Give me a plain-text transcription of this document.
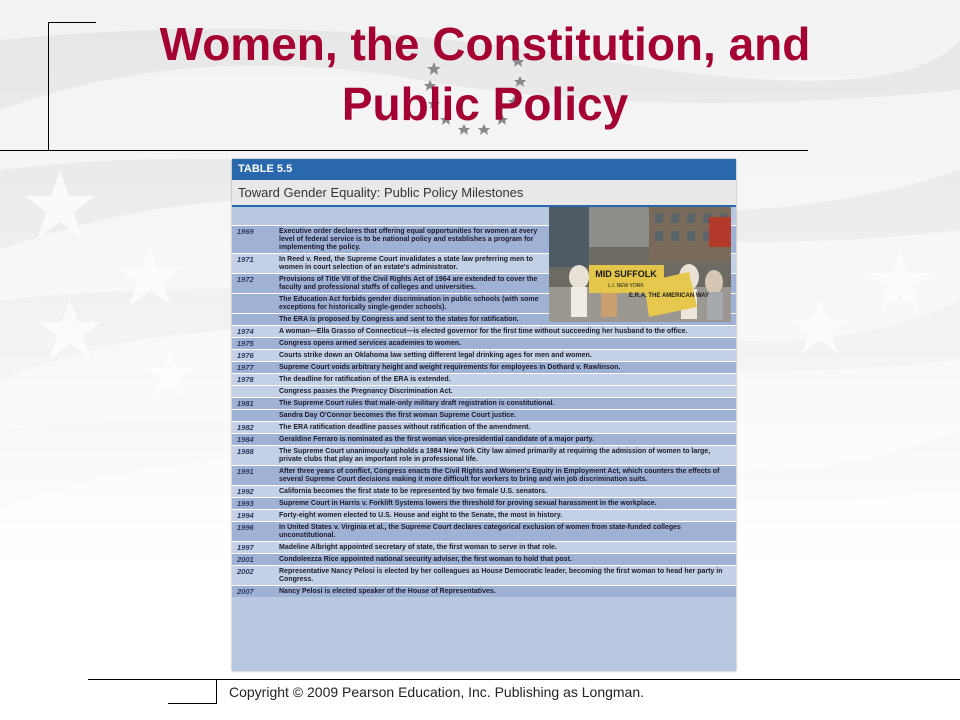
Women, the Constitution, and
Public Policy
TABLE 5.5
Toward Gender Equality: Public Policy Milestones
1969	Executive order declares that offering equal opportunities for women at every level of federal service is to be national policy and establishes a program for implementing the policy.
1971	In Reed v. Reed, the Supreme Court invalidates a state law preferring men to women in court selection of an estate's administrator.
1972	Provisions of Title VII of the Civil Rights Act of 1964 are extended to cover the faculty and professional staffs of colleges and universities.
The Education Act forbids gender discrimination in public schools (with some exceptions for historically single-gender schools).
The ERA is proposed by Congress and sent to the states for ratification.
1974	A woman—Ella Grasso of Connecticut—is elected governor for the first time without succeeding her husband to the office.
1975	Congress opens armed services academies to women.
1976	Courts strike down an Oklahoma law setting different legal drinking ages for men and women.
1977	Supreme Court voids arbitrary height and weight requirements for employees in Dothard v. Rawlinson.
1978	The deadline for ratification of the ERA is extended.
Congress passes the Pregnancy Discrimination Act.
1981	The Supreme Court rules that male-only military draft registration is constitutional.
Sandra Day O'Connor becomes the first woman Supreme Court justice.
1982	The ERA ratification deadline passes without ratification of the amendment.
1984	Geraldine Ferraro is nominated as the first woman vice-presidential candidate of a major party.
1988	The Supreme Court unanimously upholds a 1984 New York City law aimed primarily at requiring the admission of women to large, private clubs that play an important role in professional life.
1991	After three years of conflict, Congress enacts the Civil Rights and Women's Equity in Employment Act, which counters the effects of several Supreme Court decisions making it more difficult for workers to bring and win job discrimination suits.
1992	California becomes the first state to be represented by two female U.S. senators.
1993	Supreme Court in Harris v. Forklift Systems lowers the threshold for proving sexual harassment in the workplace.
1994	Forty-eight women elected to U.S. House and eight to the Senate, the most in history.
1996	In United States v. Virginia et al., the Supreme Court declares categorical exclusion of women from state-funded colleges unconstitutional.
1997	Madeline Albright appointed secretary of state, the first woman to serve in that role.
2001	Condoleezza Rice appointed national security adviser, the first woman to hold that post.
2002	Representative Nancy Pelosi is elected by her colleagues as House Democratic leader, becoming the first woman to head her party in Congress.
2007	Nancy Pelosi is elected speaker of the House of Representatives.
MID SUFFOLK
L.I. NEW YORK
E.R.A. THE AMERICAN WAY
Copyright © 2009 Pearson Education, Inc. Publishing as Longman.
